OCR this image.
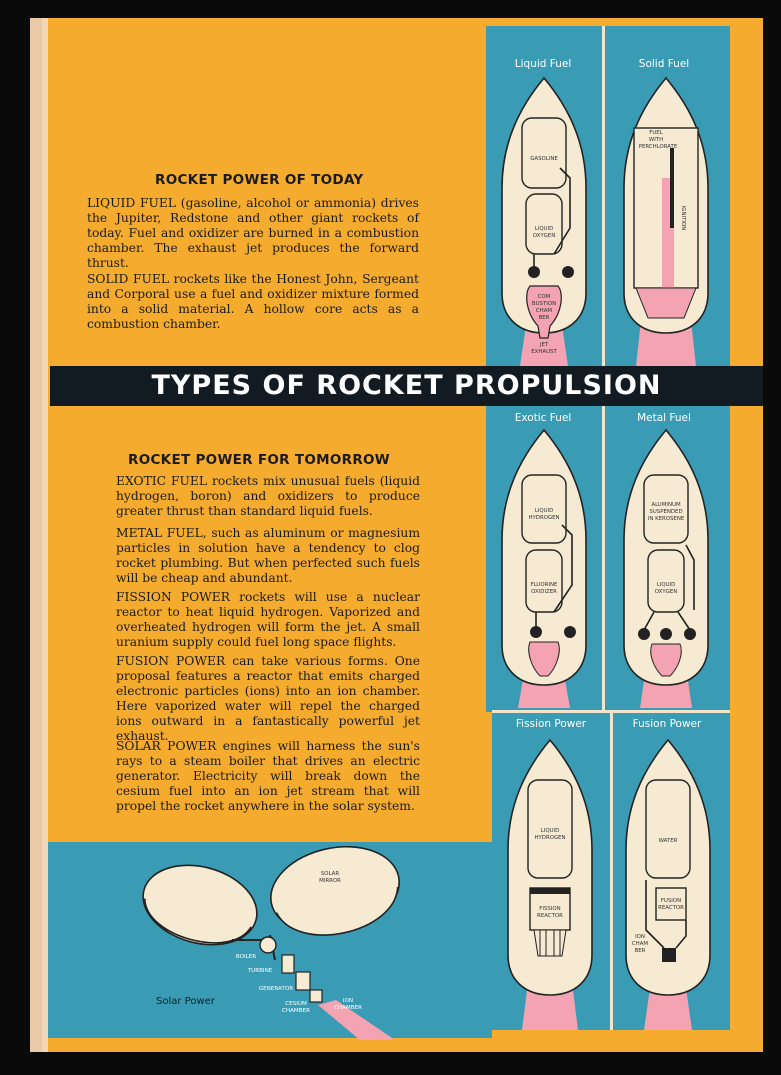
TYPES OF ROCKET PROPULSION
ROCKET POWER OF TODAY
LIQUID FUEL (gasoline, alcohol or ammonia) drives the Jupiter, Redstone and other giant rockets of today. Fuel and oxidizer are burned in a combustion chamber. The exhaust jet produces the forward thrust.
SOLID FUEL rockets like the Honest John, Sergeant and Corporal use a fuel and oxidizer mixture formed into a solid material. A hollow core acts as a combustion chamber.
ROCKET POWER FOR TOMORROW
EXOTIC FUEL rockets mix unusual fuels (liquid hydrogen, boron) and oxidizers to produce greater thrust than standard liquid fuels.
METAL FUEL, such as aluminum or magnesium particles in solution have a tendency to clog rocket plumbing. But when perfected such fuels will be cheap and abundant.
FISSION POWER rockets will use a nuclear reactor to heat liquid hydrogen. Vaporized and overheated hydrogen will form the jet. A small uranium supply could fuel long space flights.
FUSION POWER can take various forms. One proposal features a reactor that emits charged electronic particles (ions) into an ion chamber. Here vaporized water will repel the charged ions outward in a fantastically powerful jet exhaust.
SOLAR POWER engines will harness the sun's rays to a steam boiler that drives an electric generator. Electricity will break down the cesium fuel into an ion jet stream that will propel the rocket anywhere in the solar system.
Liquid Fuel	Solid Fuel
Exotic Fuel	Metal Fuel
Fission Power	Fusion Power
GASOLINE
LIQUID
OXYGEN
COM
BUSTION
CHAM
BER
JET
EXHAUST
FUEL
WITH
PERCHLORATE
IGNITION
LIQUID
HYDROGEN
FLUORINE
OXIDIZER
ALUMINUM
SUSPENDED
IN KEROSENE
LIQUID
OXYGEN
LIQUID
HYDROGEN
FISSION
REACTOR
WATER
FUSION
REACTOR
ION
CHAM
BER
SOLAR
MIRROR
BOILER
TURBINE
GENERATOR
CESIUM
CHAMBER
ION
CHAMBER
Solar Power
